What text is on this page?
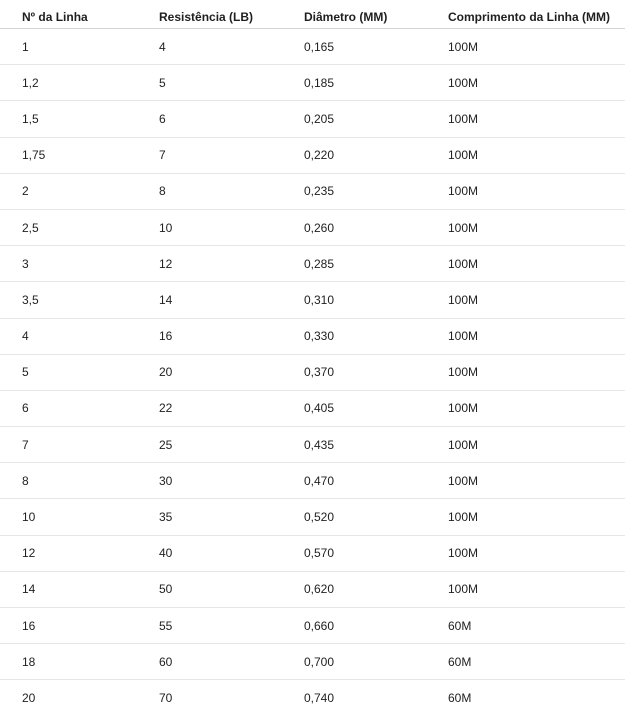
Nº da Linha	Resistência (LB)	Diâmetro (MM)	Comprimento da Linha (MM)
1	4	0,165	100M
1,2	5	0,185	100M
1,5	6	0,205	100M
1,75	7	0,220	100M
2	8	0,235	100M
2,5	10	0,260	100M
3	12	0,285	100M
3,5	14	0,310	100M
4	16	0,330	100M
5	20	0,370	100M
6	22	0,405	100M
7	25	0,435	100M
8	30	0,470	100M
10	35	0,520	100M
12	40	0,570	100M
14	50	0,620	100M
16	55	0,660	60M
18	60	0,700	60M
20	70	0,740	60M
